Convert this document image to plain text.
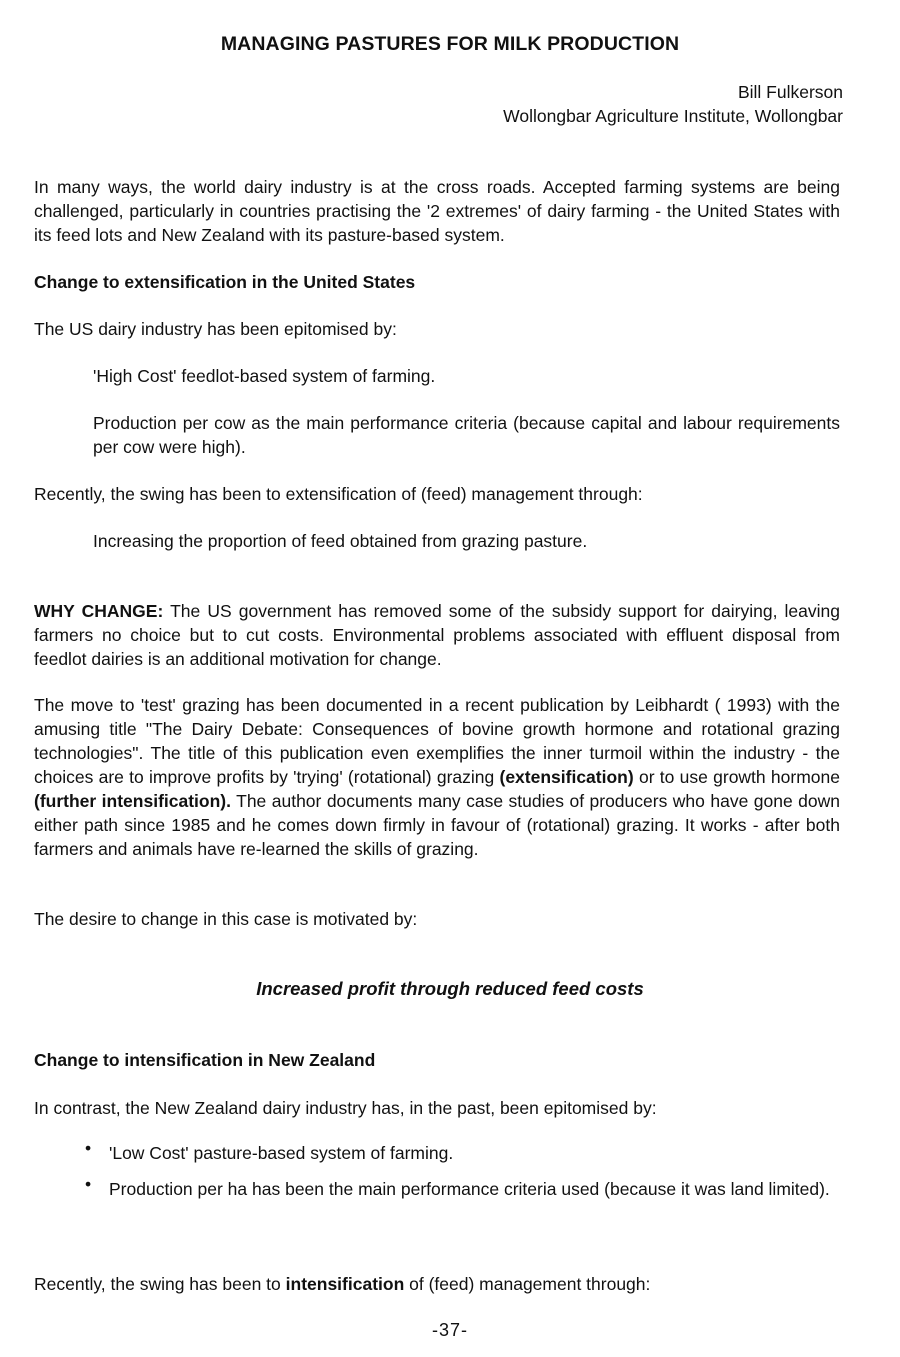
MANAGING PASTURES FOR MILK PRODUCTION
Bill Fulkerson
Wollongbar Agriculture Institute, Wollongbar
In many ways, the world dairy industry is at the cross roads. Accepted farming systems are being challenged, particularly in countries practising the '2 extremes' of dairy farming - the United States with its feed lots and New Zealand with its pasture-based system.
Change to extensification in the United States
The US dairy industry has been epitomised by:
'High Cost' feedlot-based system of farming.
Production per cow as the main performance criteria (because capital and labour requirements per cow were high).
Recently, the swing has been to extensification of (feed) management through:
Increasing the proportion of feed obtained from grazing pasture.
WHY CHANGE: The US government has removed some of the subsidy support for dairying, leaving farmers no choice but to cut costs. Environmental problems associated with effluent disposal from feedlot dairies is an additional motivation for change.
The move to 'test' grazing has been documented in a recent publication by Leibhardt ( 1993) with the amusing title "The Dairy Debate: Consequences of bovine growth hormone and rotational grazing technologies". The title of this publication even exemplifies the inner turmoil within the industry - the choices are to improve profits by 'trying' (rotational) grazing (extensification) or to use growth hormone (further intensification). The author documents many case studies of producers who have gone down either path since 1985 and he comes down firmly in favour of (rotational) grazing. It works - after both farmers and animals have re-learned the skills of grazing.
The desire to change in this case is motivated by:
Increased profit through reduced feed costs
Change to intensification in New Zealand
In contrast, the New Zealand dairy industry has, in the past, been epitomised by:
• 'Low Cost' pasture-based system of farming.
• Production per ha has been the main performance criteria used (because it was land limited).
Recently, the swing has been to intensification of (feed) management through:
-37-
